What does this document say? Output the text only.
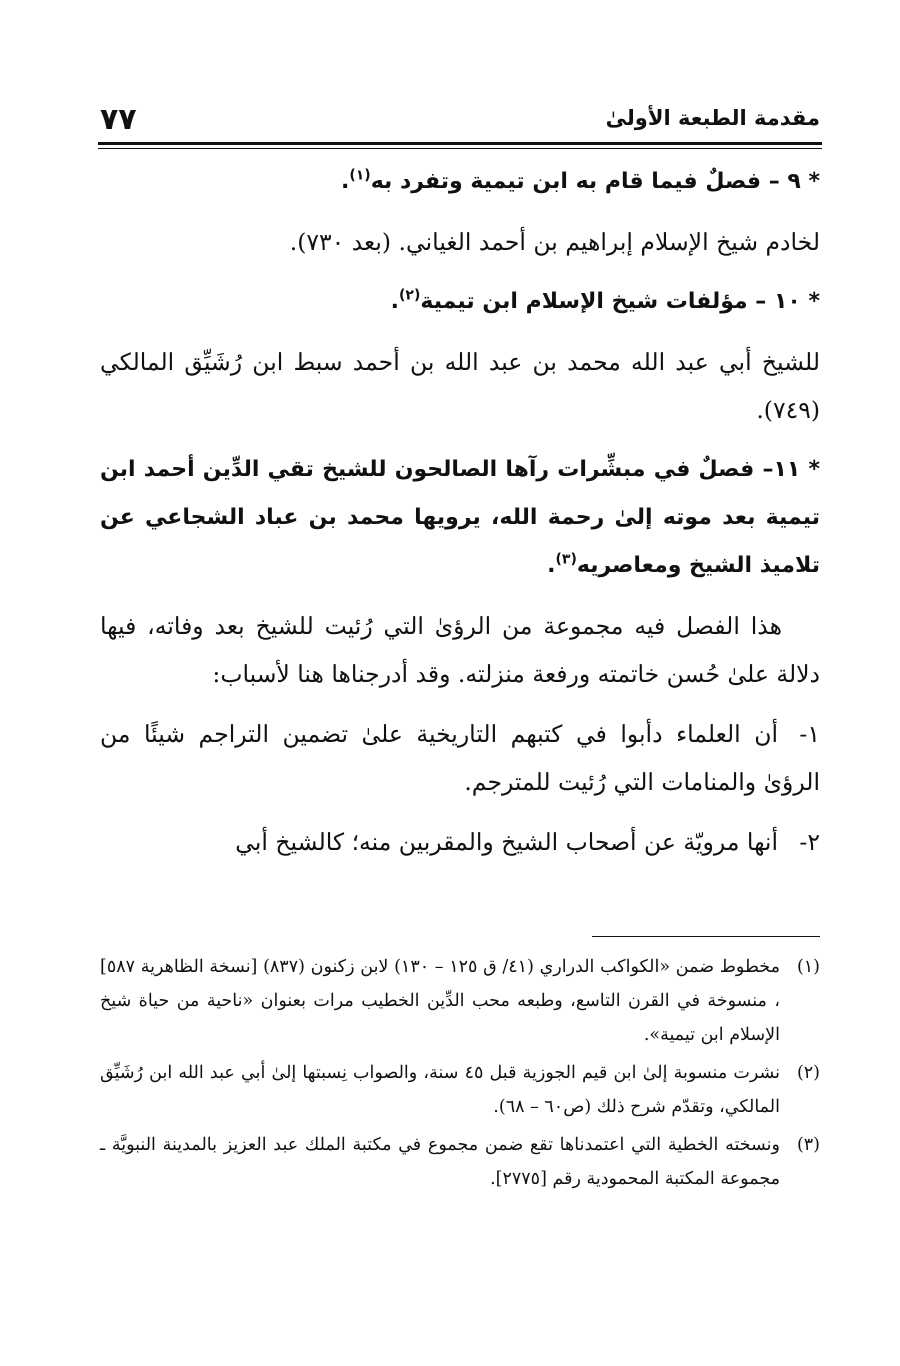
مقدمة الطبعة الأولىٰ
٧٧

* ٩ – فصلٌ فيما قام به ابن تيمية وتفرد به$^{(١)}$.

لخادم شيخ الإسلام إبراهيم بن أحمد الغياني. (بعد ٧٣٠).

* ١٠ – مؤلفات شيخ الإسلام ابن تيمية$^{(٢)}$.

للشيخ أبي عبد الله محمد بن عبد الله بن أحمد سبط ابن رُشَيِّق المالكي (٧٤٩).

* ١١– فصلٌ في مبشِّرات رآها الصالحون للشيخ تقي الدِّين أحمد ابن تيمية بعد موته إلىٰ رحمة الله، يرويها محمد بن عباد الشجاعي عن تلاميذ الشيخ ومعاصريه$^{(٣)}$.

هذا الفصل فيه مجموعة من الرؤىٰ التي رُئيت للشيخ بعد وفاته، فيها دلالة علىٰ حُسن خاتمته ورفعة منزلته. وقد أدرجناها هنا لأسباب:

١-أن العلماء دأبوا في كتبهم التاريخية علىٰ تضمين التراجم شيئًا من الرؤىٰ والمنامات التي رُئيت للمترجم.

٢-أنها مرويّة عن أصحاب الشيخ والمقربين منه؛ كالشيخ أبي

(١)
مخطوط ضمن «الكواكب الدراري (٤١/ ق ١٢٥ – ١٣٠) لابن زكنون (٨٣٧) [نسخة الظاهرية ٥٨٧] ، منسوخة في القرن التاسع، وطبعه محب الدِّين الخطيب مرات بعنوان «ناحية من حياة شيخ الإسلام ابن تيمية».
(٢)
نشرت منسوبة إلىٰ ابن قيم الجوزية قبل ٤٥ سنة، والصواب نِسبتها إلىٰ أبي عبد الله ابن رُشَيِّق المالكي، وتقدّم شرح ذلك (ص٦٠ – ٦٨).
(٣)
ونسخته الخطية التي اعتمدناها تقع ضمن مجموع في مكتبة الملك عبد العزيز بالمدينة النبويَّة ـ مجموعة المكتبة المحمودية رقم [٢٧٧٥].
